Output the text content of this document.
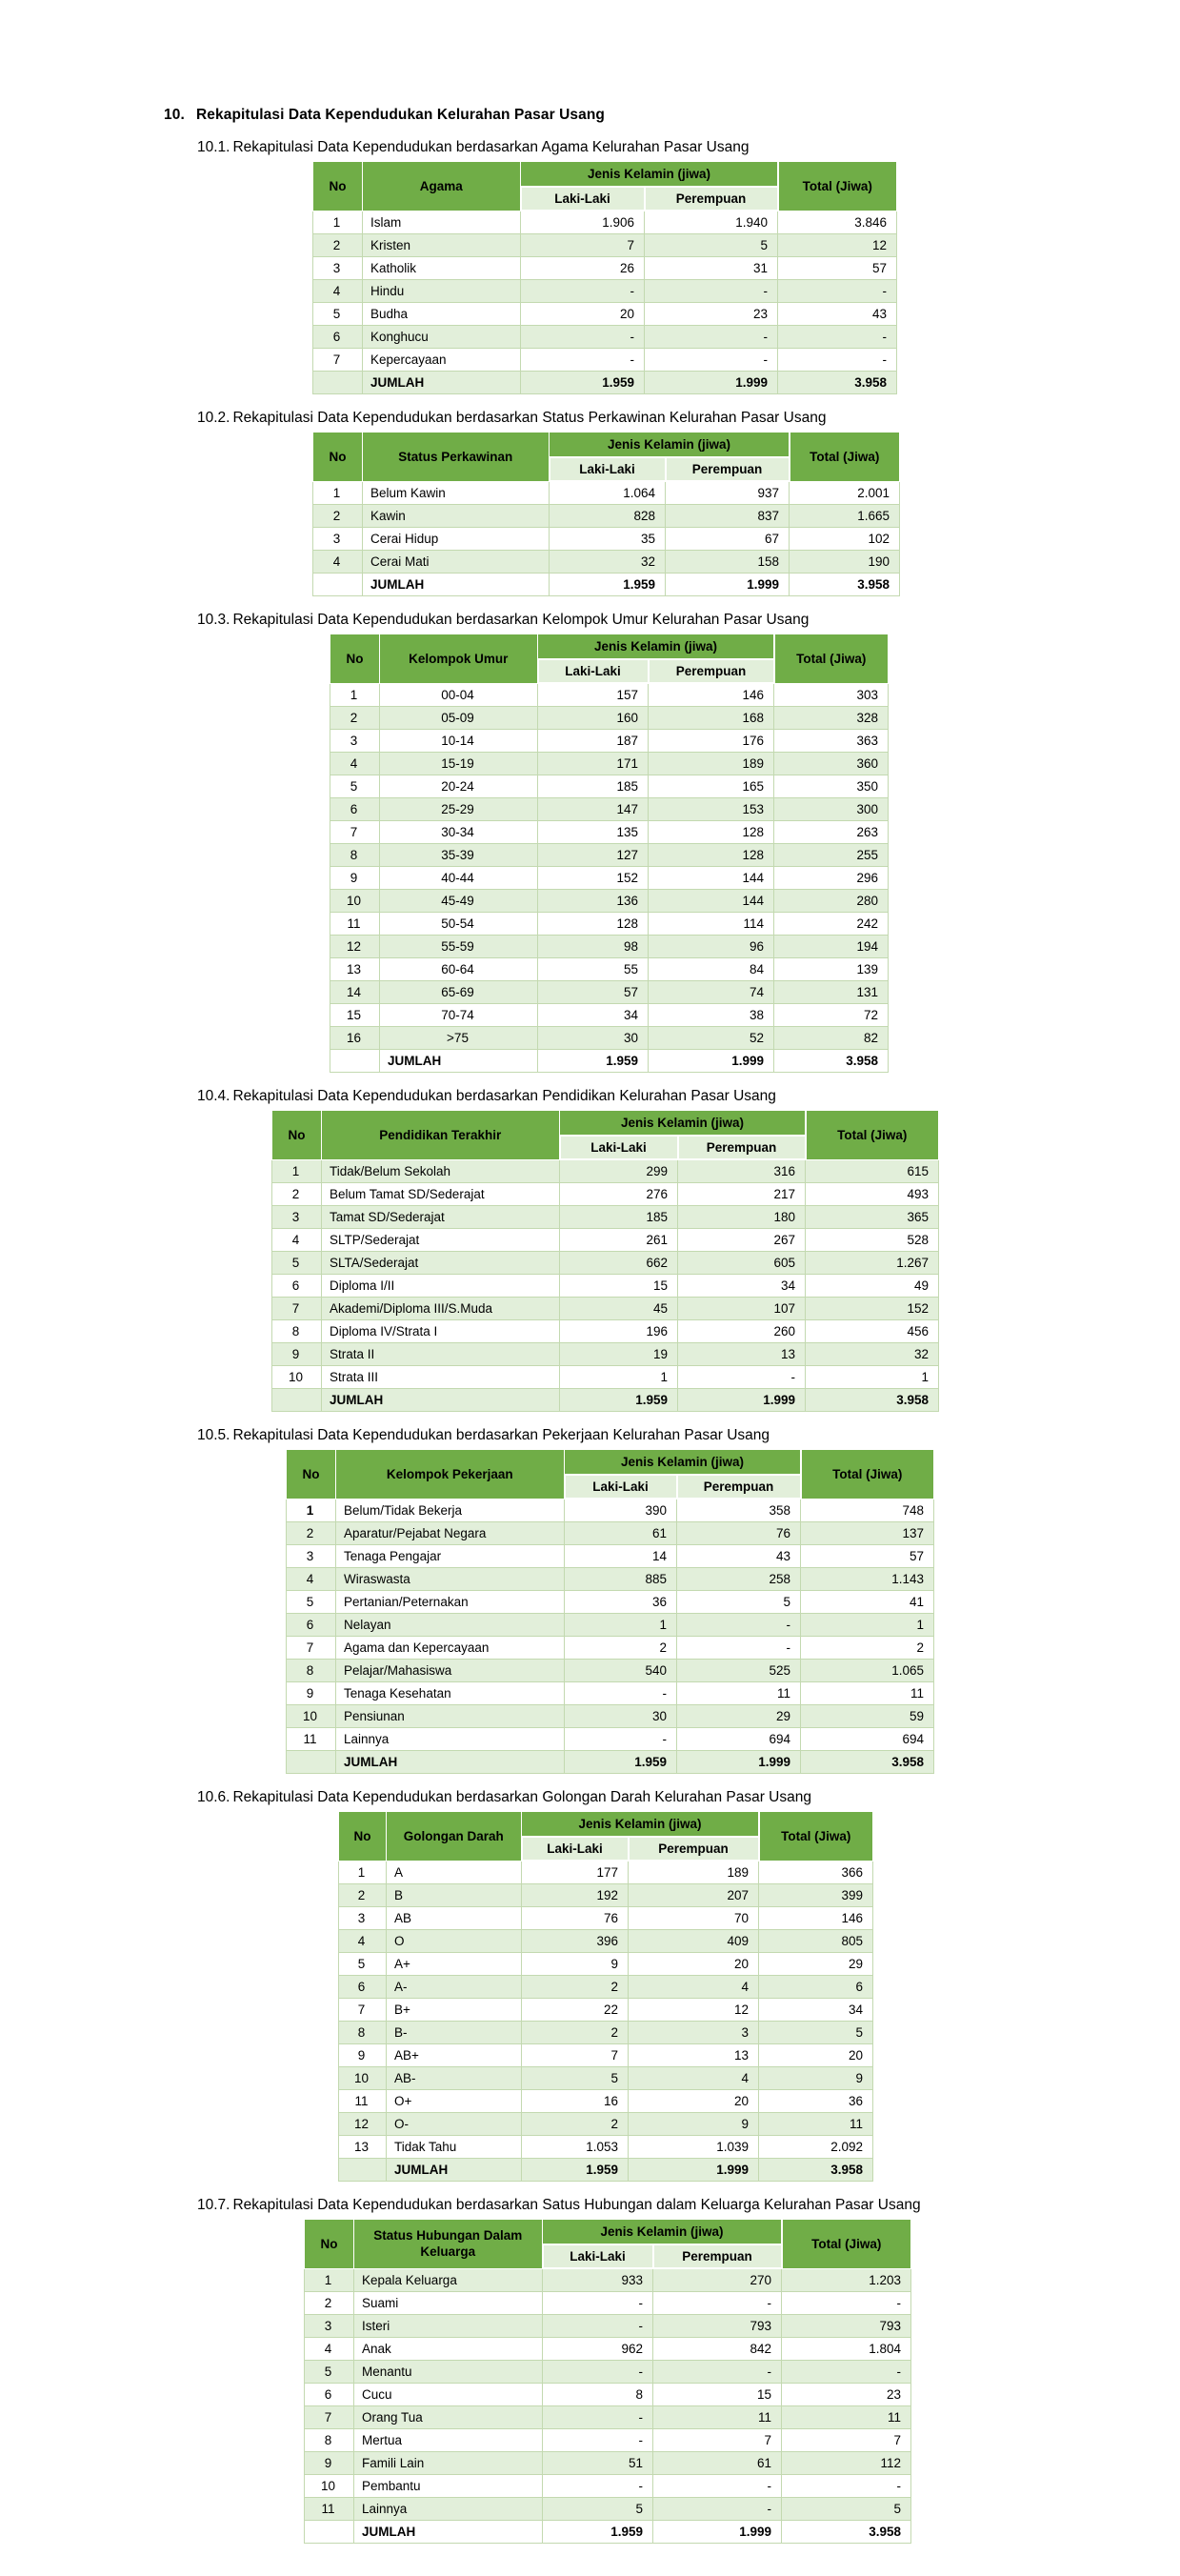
10. Rekapitulasi Data Kependudukan Kelurahan Pasar Usang
10.1. Rekapitulasi Data Kependudukan berdasarkan Agama Kelurahan Pasar Usang
No	Agama	Jenis Kelamin (jiwa)		Total (Jiwa)
		Laki-Laki	Perempuan	
1	Islam	1.906	1.940	3.846
2	Kristen	7	5	12
3	Katholik	26	31	57
4	Hindu	-	-	-
5	Budha	20	23	43
6	Konghucu	-	-	-
7	Kepercayaan	-	-	-
	JUMLAH	1.959	1.999	3.958
10.2. Rekapitulasi Data Kependudukan berdasarkan Status Perkawinan Kelurahan Pasar Usang
No	Status Perkawinan	Jenis Kelamin (jiwa)		Total (Jiwa)
		Laki-Laki	Perempuan	
1	Belum Kawin	1.064	937	2.001
2	Kawin	828	837	1.665
3	Cerai Hidup	35	67	102
4	Cerai Mati	32	158	190
	JUMLAH	1.959	1.999	3.958
10.3. Rekapitulasi Data Kependudukan berdasarkan Kelompok Umur Kelurahan Pasar Usang
No	Kelompok Umur	Jenis Kelamin (jiwa)		Total (Jiwa)
		Laki-Laki	Perempuan	
1	00-04	157	146	303
2	05-09	160	168	328
3	10-14	187	176	363
4	15-19	171	189	360
5	20-24	185	165	350
6	25-29	147	153	300
7	30-34	135	128	263
8	35-39	127	128	255
9	40-44	152	144	296
10	45-49	136	144	280
11	50-54	128	114	242
12	55-59	98	96	194
13	60-64	55	84	139
14	65-69	57	74	131
15	70-74	34	38	72
16	>75	30	52	82
	JUMLAH	1.959	1.999	3.958
10.4. Rekapitulasi Data Kependudukan berdasarkan Pendidikan Kelurahan Pasar Usang
No	Pendidikan Terakhir	Jenis Kelamin (jiwa)		Total (Jiwa)
		Laki-Laki	Perempuan	
1	Tidak/Belum Sekolah	299	316	615
2	Belum Tamat SD/Sederajat	276	217	493
3	Tamat SD/Sederajat	185	180	365
4	SLTP/Sederajat	261	267	528
5	SLTA/Sederajat	662	605	1.267
6	Diploma I/II	15	34	49
7	Akademi/Diploma III/S.Muda	45	107	152
8	Diploma IV/Strata I	196	260	456
9	Strata II	19	13	32
10	Strata III	1	-	1
	JUMLAH	1.959	1.999	3.958
10.5. Rekapitulasi Data Kependudukan berdasarkan Pekerjaan Kelurahan Pasar Usang
No	Kelompok Pekerjaan	Jenis Kelamin (jiwa)		Total (Jiwa)
		Laki-Laki	Perempuan	
1	Belum/Tidak Bekerja	390	358	748
2	Aparatur/Pejabat Negara	61	76	137
3	Tenaga Pengajar	14	43	57
4	Wiraswasta	885	258	1.143
5	Pertanian/Peternakan	36	5	41
6	Nelayan	1	-	1
7	Agama dan Kepercayaan	2	-	2
8	Pelajar/Mahasiswa	540	525	1.065
9	Tenaga Kesehatan	-	11	11
10	Pensiunan	30	29	59
11	Lainnya	-	694	694
	JUMLAH	1.959	1.999	3.958
10.6. Rekapitulasi Data Kependudukan berdasarkan Golongan Darah Kelurahan Pasar Usang
No	Golongan Darah	Jenis Kelamin (jiwa)		Total (Jiwa)
		Laki-Laki	Perempuan	
1	A	177	189	366
2	B	192	207	399
3	AB	76	70	146
4	O	396	409	805
5	A+	9	20	29
6	A-	2	4	6
7	B+	22	12	34
8	B-	2	3	5
9	AB+	7	13	20
10	AB-	5	4	9
11	O+	16	20	36
12	O-	2	9	11
13	Tidak Tahu	1.053	1.039	2.092
	JUMLAH	1.959	1.999	3.958
10.7. Rekapitulasi Data Kependudukan berdasarkan Satus Hubungan dalam Keluarga Kelurahan Pasar Usang
No	Status Hubungan Dalam Keluarga	Jenis Kelamin (jiwa)		Total (Jiwa)
		Laki-Laki	Perempuan	
1	Kepala Keluarga	933	270	1.203
2	Suami	-	-	-
3	Isteri	-	793	793
4	Anak	962	842	1.804
5	Menantu	-	-	-
6	Cucu	8	15	23
7	Orang Tua	-	11	11
8	Mertua	-	7	7
9	Famili Lain	51	61	112
10	Pembantu	-	-	-
11	Lainnya	5	-	5
	JUMLAH	1.959	1.999	3.958
